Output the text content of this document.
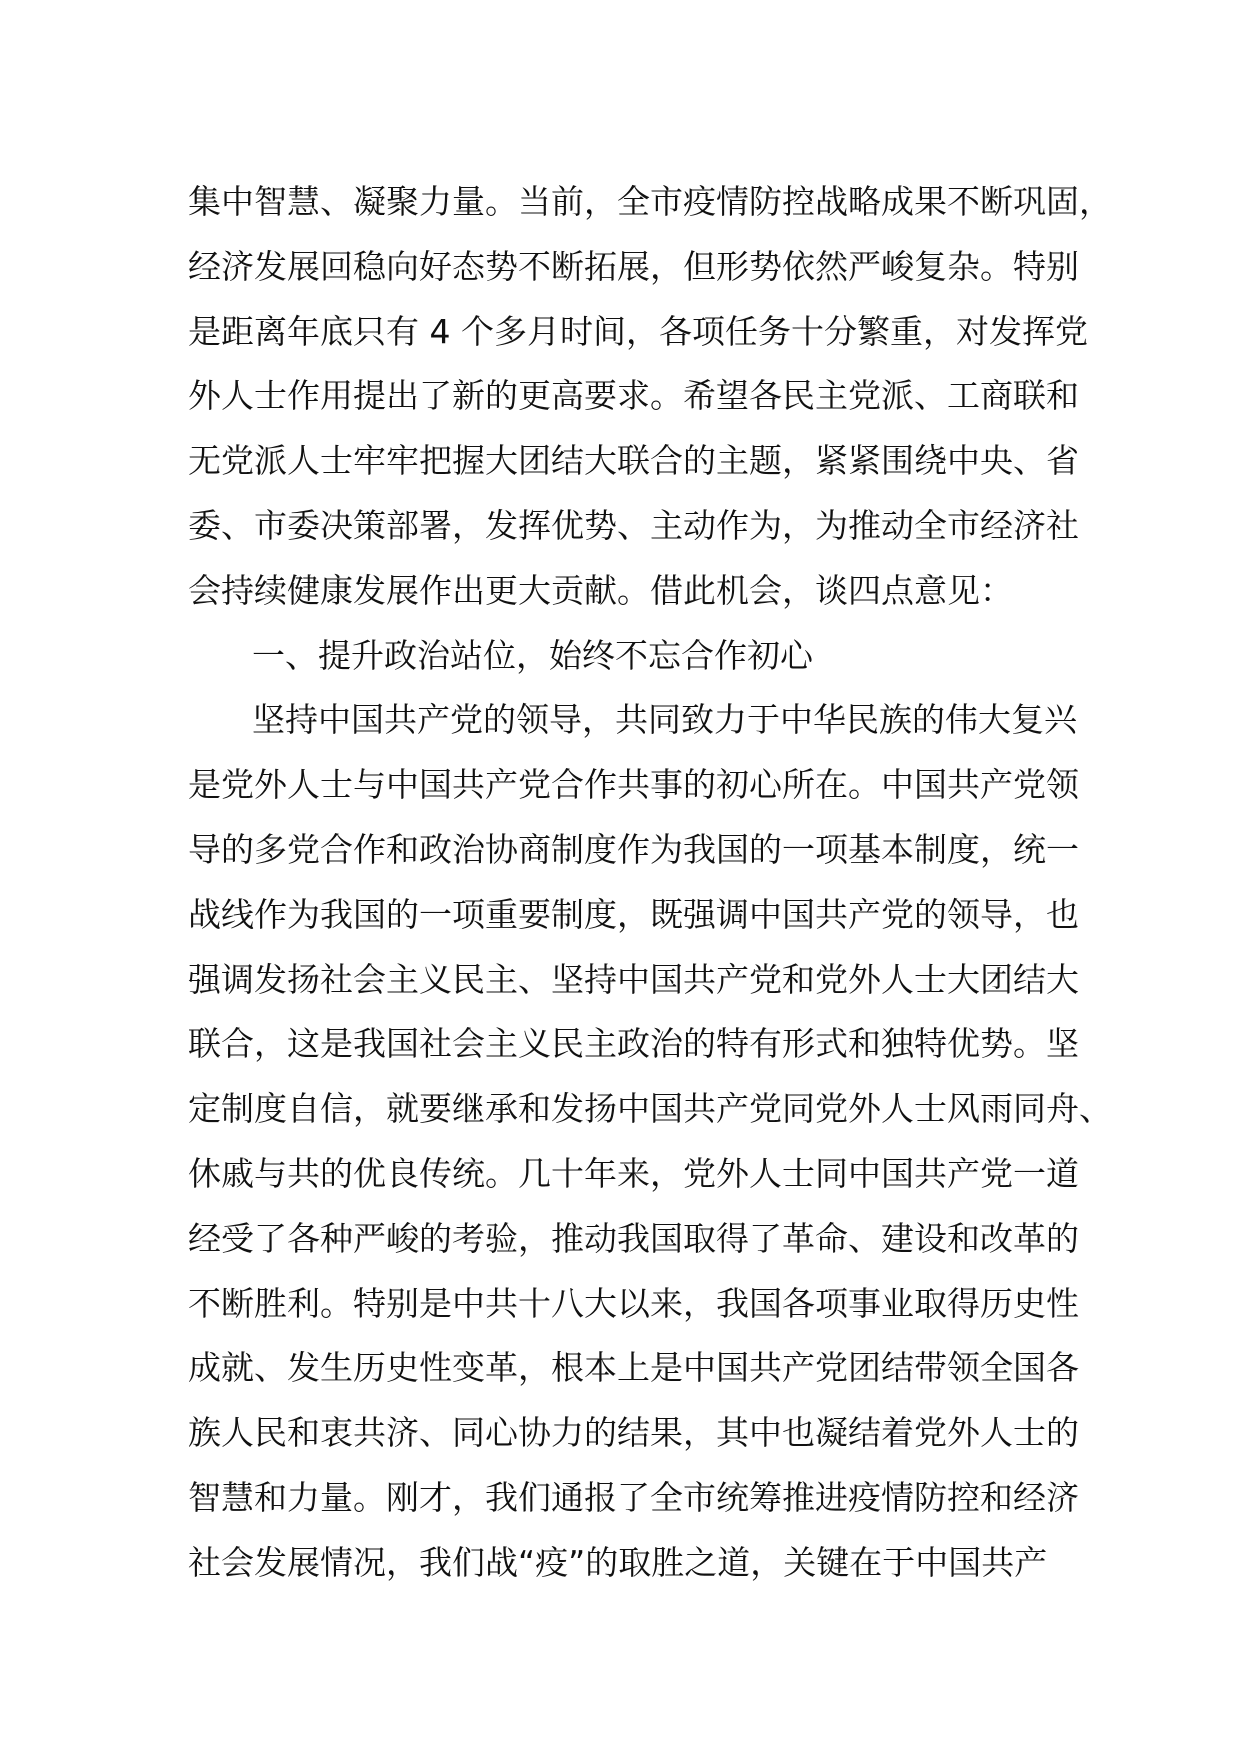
集中智慧、凝聚力量。当前，全市疫情防控战略成果不断巩固，
经济发展回稳向好态势不断拓展，但形势依然严峻复杂。特别
是距离年底只有 4 个多月时间，各项任务十分繁重，对发挥党
外人士作用提出了新的更高要求。希望各民主党派、工商联和
无党派人士牢牢把握大团结大联合的主题，紧紧围绕中央、省
委、市委决策部署，发挥优势、主动作为，为推动全市经济社
会持续健康发展作出更大贡献。借此机会，谈四点意见：
一、提升政治站位，始终不忘合作初心
坚持中国共产党的领导，共同致力于中华民族的伟大复兴
是党外人士与中国共产党合作共事的初心所在。中国共产党领
导的多党合作和政治协商制度作为我国的一项基本制度，统一
战线作为我国的一项重要制度，既强调中国共产党的领导，也
强调发扬社会主义民主、坚持中国共产党和党外人士大团结大
联合，这是我国社会主义民主政治的特有形式和独特优势。坚
定制度自信，就要继承和发扬中国共产党同党外人士风雨同舟、
休戚与共的优良传统。几十年来，党外人士同中国共产党一道
经受了各种严峻的考验，推动我国取得了革命、建设和改革的
不断胜利。特别是中共十八大以来，我国各项事业取得历史性
成就、发生历史性变革，根本上是中国共产党团结带领全国各
族人民和衷共济、同心协力的结果，其中也凝结着党外人士的
智慧和力量。刚才，我们通报了全市统筹推进疫情防控和经济
社会发展情况，我们战“疫”的取胜之道，关键在于中国共产
